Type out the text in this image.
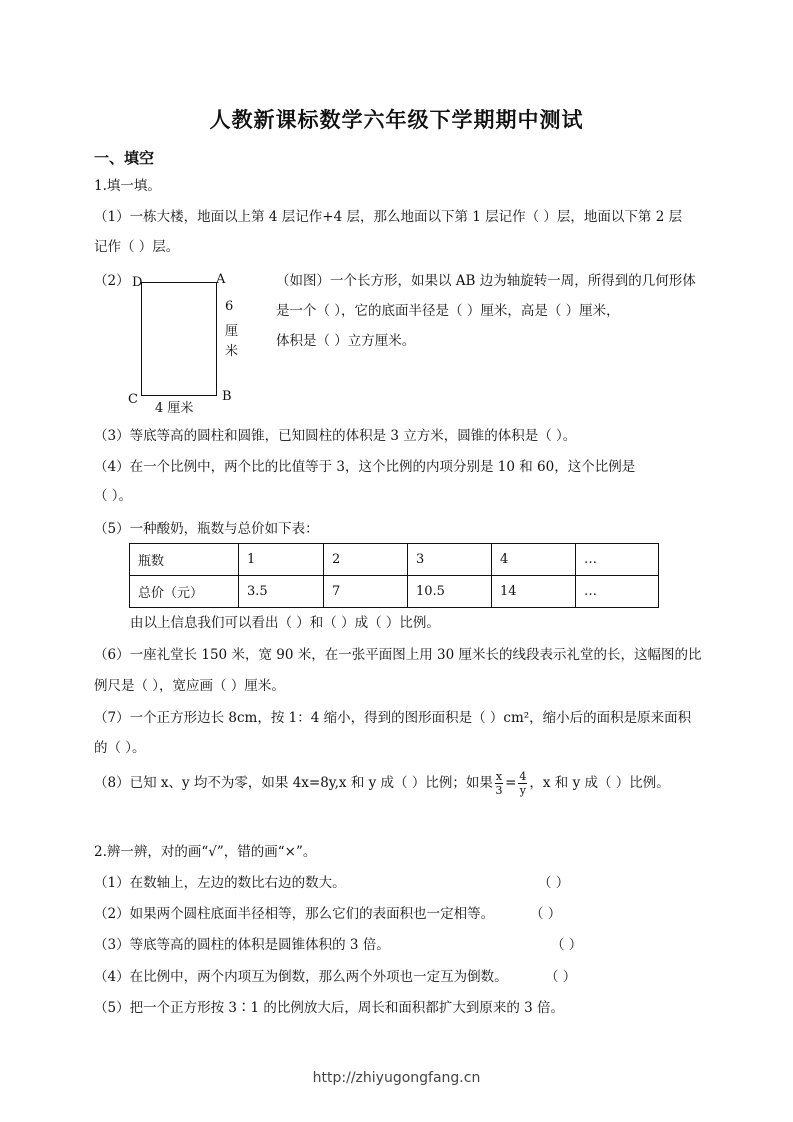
人教新课标数学六年级下学期期中测试
一、填空
1.填一填。
（1）一栋大楼，地面以上第 4 层记作+4 层，那么地面以下第 1 层记作（ ）层，地面以下第 2 层
记作（ ）层。
（2） D	A
C	B
6
厘
米
4 厘米
（如图）一个长方形，如果以 AB 边为轴旋转一周，所得到的几何形体
是一个（ ），它的底面半径是（ ）厘米，高是（ ）厘米，
体积是（ ）立方厘米。
（3）等底等高的圆柱和圆锥，已知圆柱的体积是 3 立方米，圆锥的体积是（ ）。
（4）在一个比例中，两个比的比值等于 3，这个比例的内项分别是 10 和 60，这个比例是
（ ）。
（5）一种酸奶，瓶数与总价如下表：
瓶数	1	2	3	4	…
总价（元）	3.5	7	10.5	14	…
由以上信息我们可以看出（ ）和（ ）成（ ）比例。
（6）一座礼堂长 150 米，宽 90 米，在一张平面图上用 30 厘米长的线段表示礼堂的长，这幅图的比
例尺是（ ），宽应画（ ）厘米。
（7）一个正方形边长 8cm，按 1：4 缩小，得到的图形面积是（ ）cm²，缩小后的面积是原来面积
的（ ）。
（8）已知 x、y 均不为零，如果 4x=8y,x 和 y 成（ ）比例；如果 $\frac{x}{3} = \frac{4}{y}$ ，x 和 y 成（ ）比例。
2.辨一辨，对的画“√”，错的画“×”。
（1）在数轴上，左边的数比右边的数大。	（ ）
（2）如果两个圆柱底面半径相等，那么它们的表面积也一定相等。	（ ）
（3）等底等高的圆柱的体积是圆锥体积的 3 倍。	（ ）
（4）在比例中，两个内项互为倒数，那么两个外项也一定互为倒数。	（ ）
（5）把一个正方形按 3∶1 的比例放大后，周长和面积都扩大到原来的 3 倍。
http://zhiyugongfang.cn
